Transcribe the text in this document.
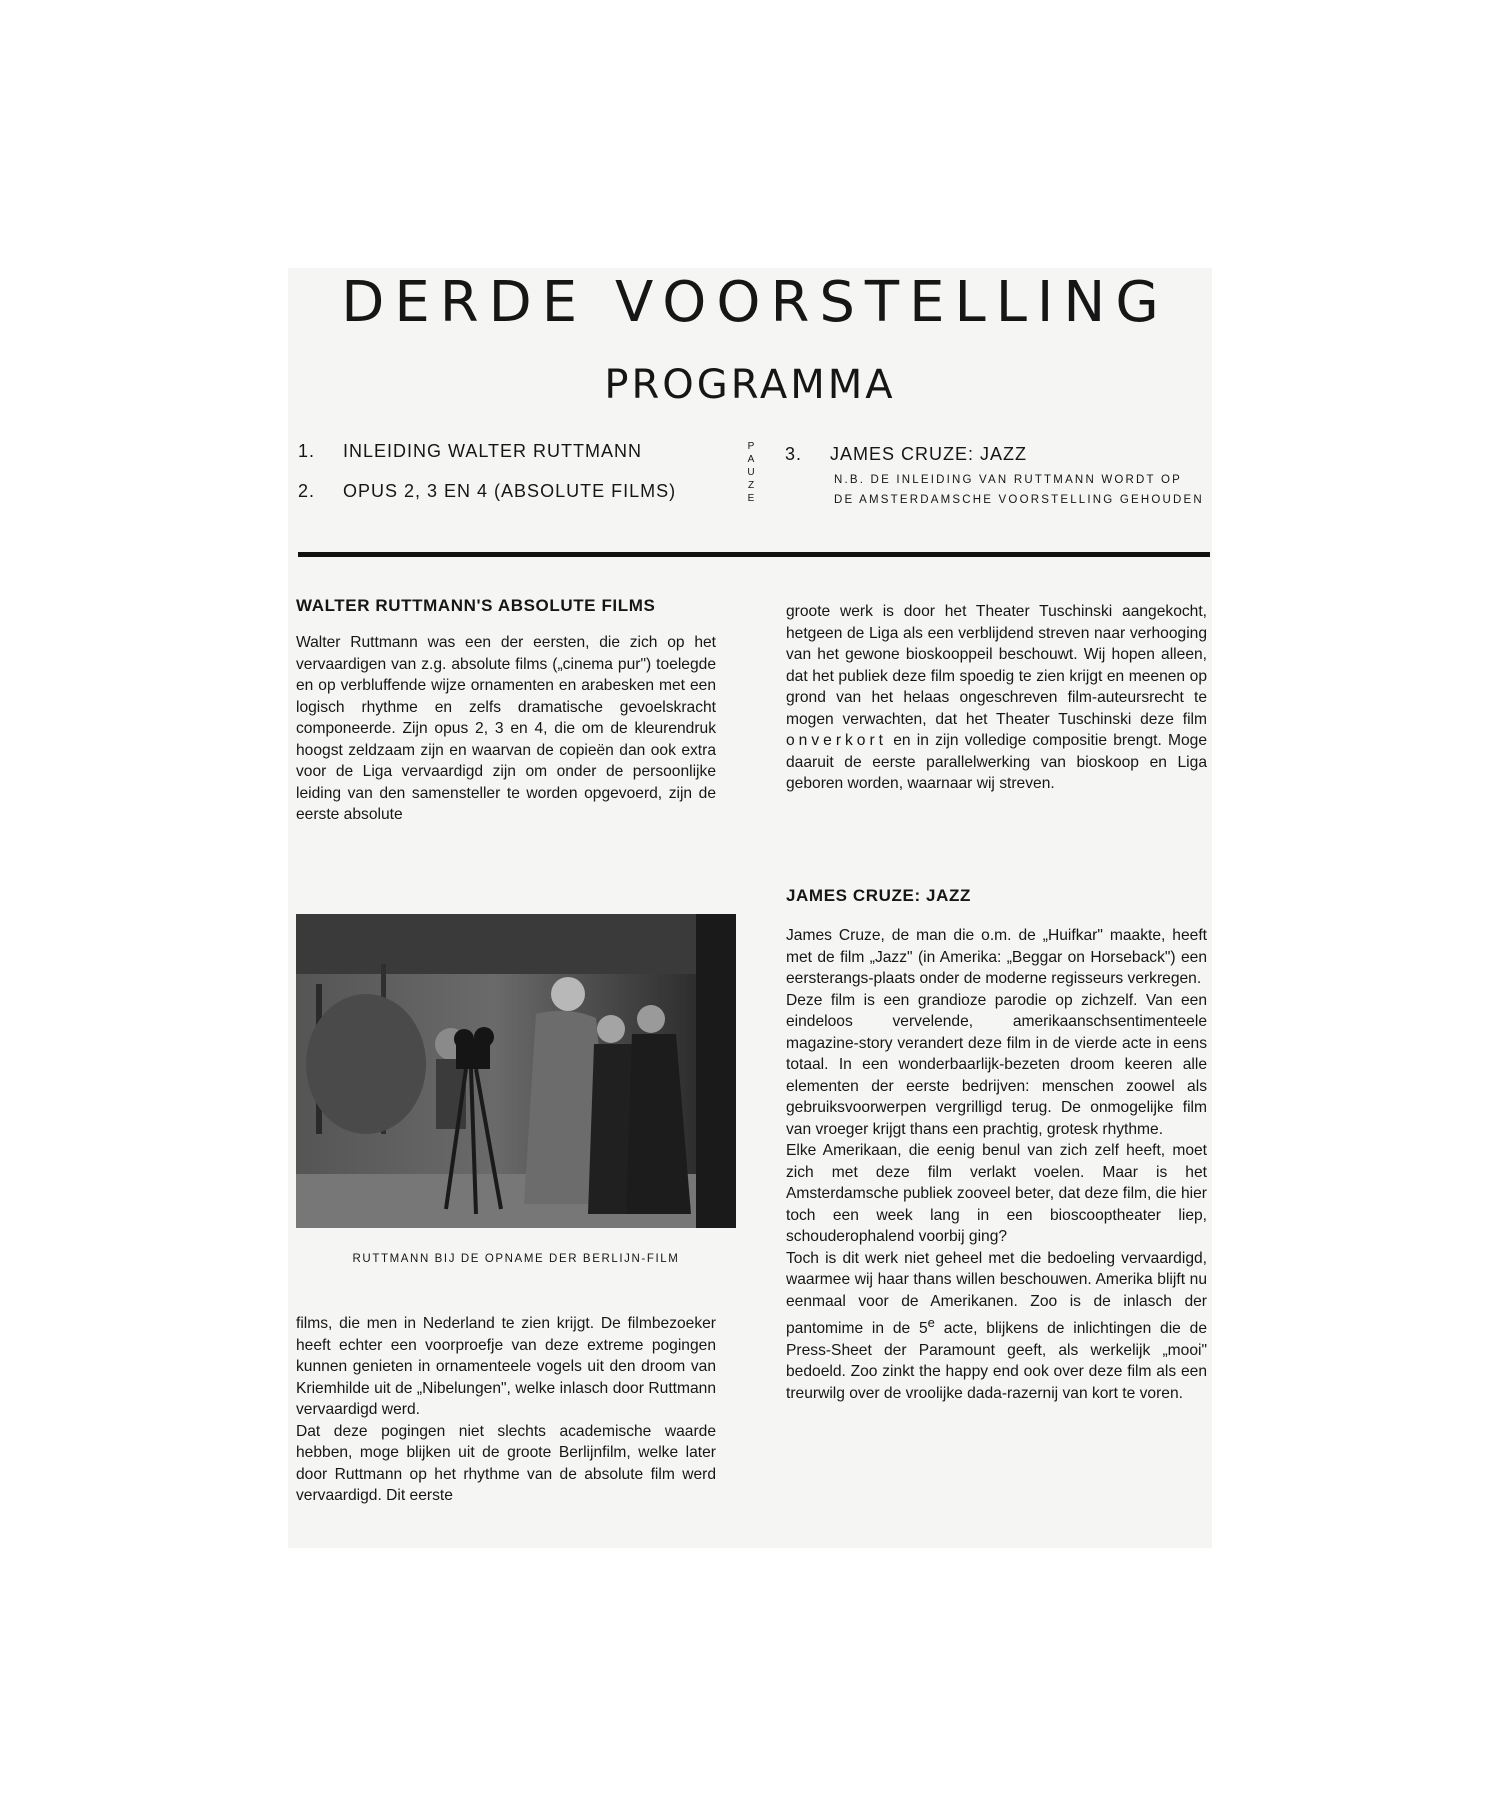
DERDE VOORSTELLING
PROGRAMMA
1. INLEIDING WALTER RUTTMANN
2. OPUS 2, 3 EN 4 (ABSOLUTE FILMS)
P
A
U
Z
E
3. JAMES CRUZE: JAZZ
N.B. DE INLEIDING VAN RUTTMANN WORDT OP
DE AMSTERDAMSCHE VOORSTELLING GEHOUDEN
WALTER RUTTMANN'S ABSOLUTE FILMS

Walter Ruttmann was een der eersten, die zich op het vervaardigen van z.g. absolute films („cinema pur") toelegde en op verbluffende wijze ornamenten en arabesken met een logisch rhythme en zelfs dramatische gevoelskracht componeerde. Zijn opus 2, 3 en 4, die om de kleurendruk hoogst zeldzaam zijn en waarvan de copieën dan ook extra voor de Liga vervaardigd zijn om onder de persoonlijke leiding van den samensteller te worden opgevoerd, zijn de eerste absolute

RUTTMANN BIJ DE OPNAME DER BERLIJN-FILM

films, die men in Nederland te zien krijgt. De filmbezoeker heeft echter een voorproefje van deze extreme pogingen kunnen genieten in ornamenteele vogels uit den droom van Kriemhilde uit de „Nibelungen", welke inlasch door Ruttmann vervaardigd werd.

Dat deze pogingen niet slechts academische waarde hebben, moge blijken uit de groote Berlijnfilm, welke later door Ruttmann op het rhythme van de absolute film werd vervaardigd. Dit eerste

groote werk is door het Theater Tuschinski aangekocht, hetgeen de Liga als een verblijdend streven naar verhooging van het gewone bioskooppeil beschouwt. Wij hopen alleen, dat het publiek deze film spoedig te zien krijgt en meenen op grond van het helaas ongeschreven film-auteursrecht te mogen verwachten, dat het Theater Tuschinski deze film onverkort en in zijn volledige compositie brengt. Moge daaruit de eerste parallelwerking van bioskoop en Liga geboren worden, waarnaar wij streven.

JAMES CRUZE: JAZZ

James Cruze, de man die o.m. de „Huifkar" maakte, heeft met de film „Jazz" (in Amerika: „Beggar on Horseback") een eersterangs-plaats onder de moderne regisseurs verkregen.

Deze film is een grandioze parodie op zichzelf. Van een eindeloos vervelende, amerikaanschsentimenteele magazine-story verandert deze film in de vierde acte in eens totaal. In een wonderbaarlijk-bezeten droom keeren alle elementen der eerste bedrijven: menschen zoowel als gebruiksvoorwerpen vergrilligd terug. De onmogelijke film van vroeger krijgt thans een prachtig, grotesk rhythme.

Elke Amerikaan, die eenig benul van zich zelf heeft, moet zich met deze film verlakt voelen. Maar is het Amsterdamsche publiek zooveel beter, dat deze film, die hier toch een week lang in een bioscooptheater liep, schouderophalend voorbij ging?

Toch is dit werk niet geheel met die bedoeling vervaardigd, waarmee wij haar thans willen beschouwen. Amerika blijft nu eenmaal voor de Amerikanen. Zoo is de inlasch der pantomime in de 5e acte, blijkens de inlichtingen die de Press-Sheet der Paramount geeft, als werkelijk „mooi" bedoeld. Zoo zinkt the happy end ook over deze film als een treurwilg over de vroolijke dada-razernij van kort te voren.
